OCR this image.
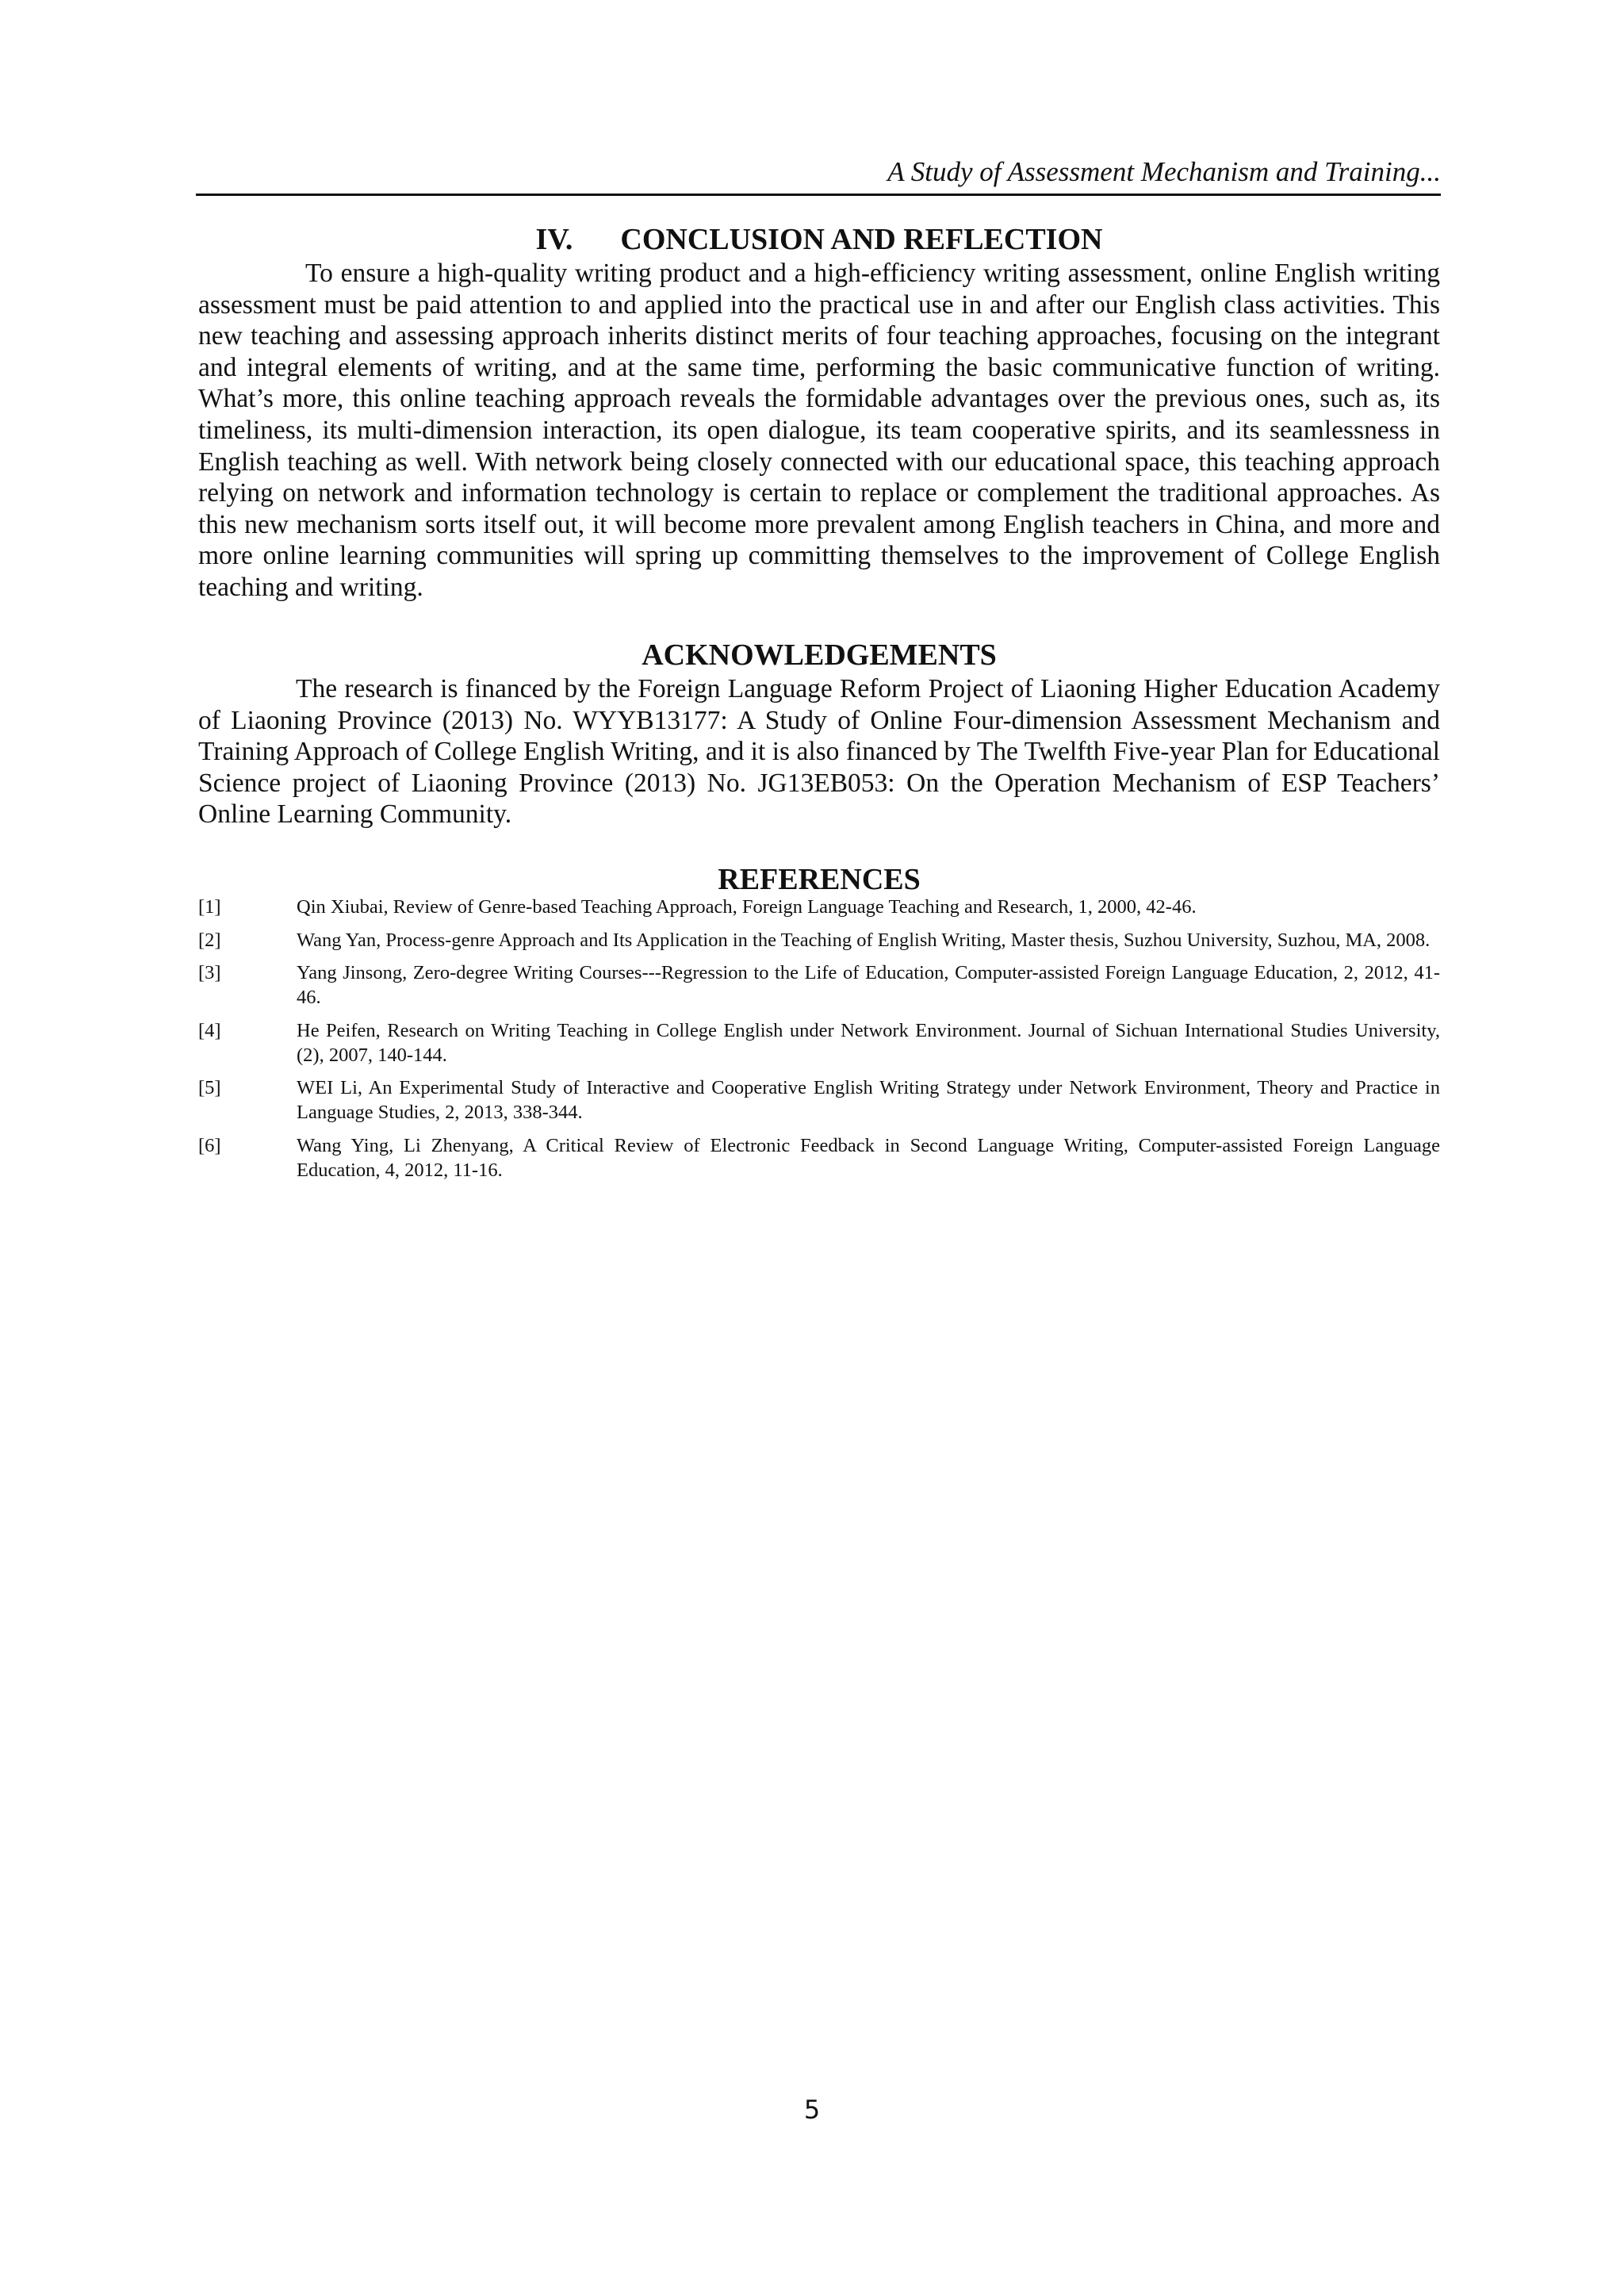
A Study of Assessment Mechanism and Training...
IV. CONCLUSION AND REFLECTION

To ensure a high-quality writing product and a high-efficiency writing assessment, online English writing assessment must be paid attention to and applied into the practical use in and after our English class activities. This new teaching and assessing approach inherits distinct merits of four teaching approaches, focusing on the integrant and integral elements of writing, and at the same time, performing the basic communicative function of writing. What’s more, this online teaching approach reveals the formidable advantages over the previous ones, such as, its timeliness, its multi-dimension interaction, its open dialogue, its team cooperative spirits, and its seamlessness in English teaching as well. With network being closely connected with our educational space, this teaching approach relying on network and information technology is certain to replace or complement the traditional approaches. As this new mechanism sorts itself out, it will become more prevalent among English teachers in China, and more and more online learning communities will spring up committing themselves to the improvement of College English teaching and writing.

ACKNOWLEDGEMENTS

The research is financed by the Foreign Language Reform Project of Liaoning Higher Education Academy of Liaoning Province (2013) No. WYYB13177: A Study of Online Four-dimension Assessment Mechanism and Training Approach of College English Writing, and it is also financed by The Twelfth Five-year Plan for Educational Science project of Liaoning Province (2013) No. JG13EB053: On the Operation Mechanism of ESP Teachers’ Online Learning Community.

REFERENCES
[1]	Qin Xiubai, Review of Genre-based Teaching Approach, Foreign Language Teaching and Research, 1, 2000, 42-46.
[2]	Wang Yan, Process-genre Approach and Its Application in the Teaching of English Writing, Master thesis, Suzhou University, Suzhou, MA, 2008.
[3]	Yang Jinsong, Zero-degree Writing Courses---Regression to the Life of Education, Computer-assisted Foreign Language Education, 2, 2012, 41-46.
[4]	He Peifen, Research on Writing Teaching in College English under Network Environment. Journal of Sichuan International Studies University, (2), 2007, 140-144.
[5]	WEI Li, An Experimental Study of Interactive and Cooperative English Writing Strategy under Network Environment, Theory and Practice in Language Studies, 2, 2013, 338-344.
[6]	Wang Ying, Li Zhenyang, A Critical Review of Electronic Feedback in Second Language Writing, Computer-assisted Foreign Language Education, 4, 2012, 11-16.
5
